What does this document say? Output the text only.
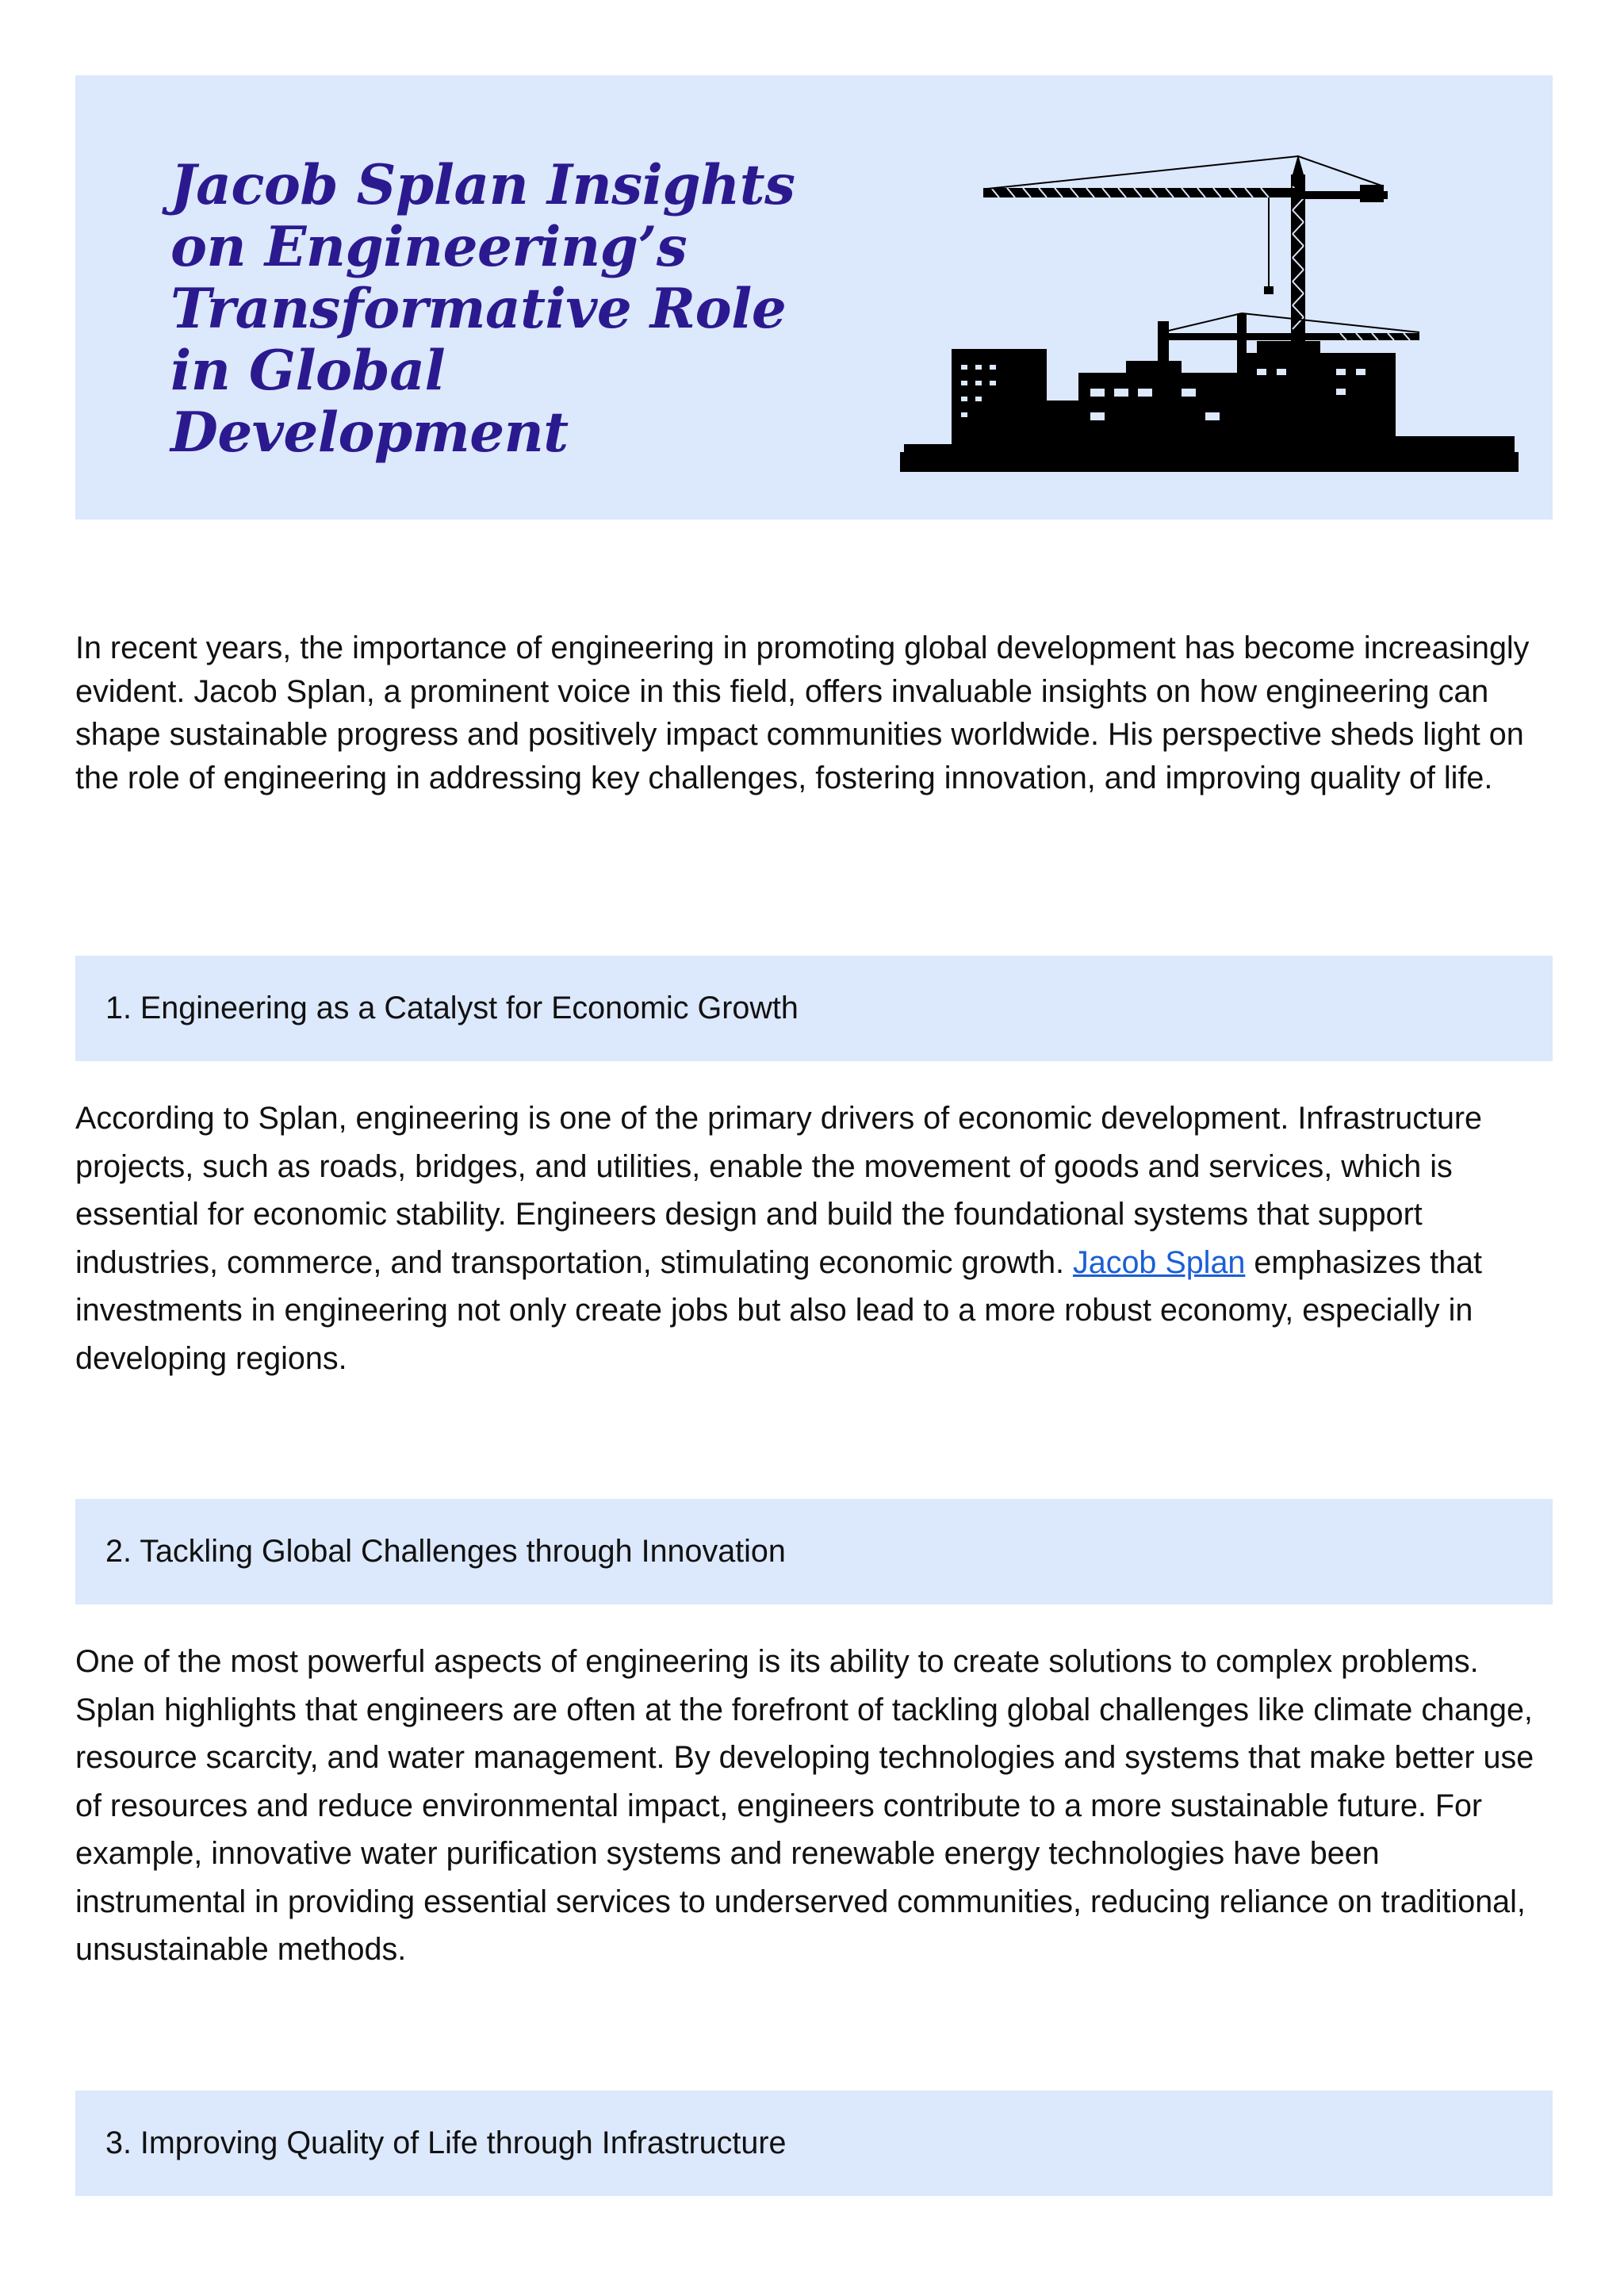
Jacob Splan Insights on Engineering’s Transformative Role in Global Development

In recent years, the importance of engineering in promoting global development has become increasingly evident. Jacob Splan, a prominent voice in this field, offers invaluable insights on how engineering can shape sustainable progress and positively impact communities worldwide. His perspective sheds light on the role of engineering in addressing key challenges, fostering innovation, and improving quality of life.

1. Engineering as a Catalyst for Economic Growth

According to Splan, engineering is one of the primary drivers of economic development. Infrastructure projects, such as roads, bridges, and utilities, enable the movement of goods and services, which is essential for economic stability. Engineers design and build the foundational systems that support industries, commerce, and transportation, stimulating economic growth. Jacob Splan emphasizes that investments in engineering not only create jobs but also lead to a more robust economy, especially in developing regions.

2. Tackling Global Challenges through Innovation

One of the most powerful aspects of engineering is its ability to create solutions to complex problems. Splan highlights that engineers are often at the forefront of tackling global challenges like climate change, resource scarcity, and water management. By developing technologies and systems that make better use of resources and reduce environmental impact, engineers contribute to a more sustainable future. For example, innovative water purification systems and renewable energy technologies have been instrumental in providing essential services to underserved communities, reducing reliance on traditional, unsustainable methods.

3. Improving Quality of Life through Infrastructure
